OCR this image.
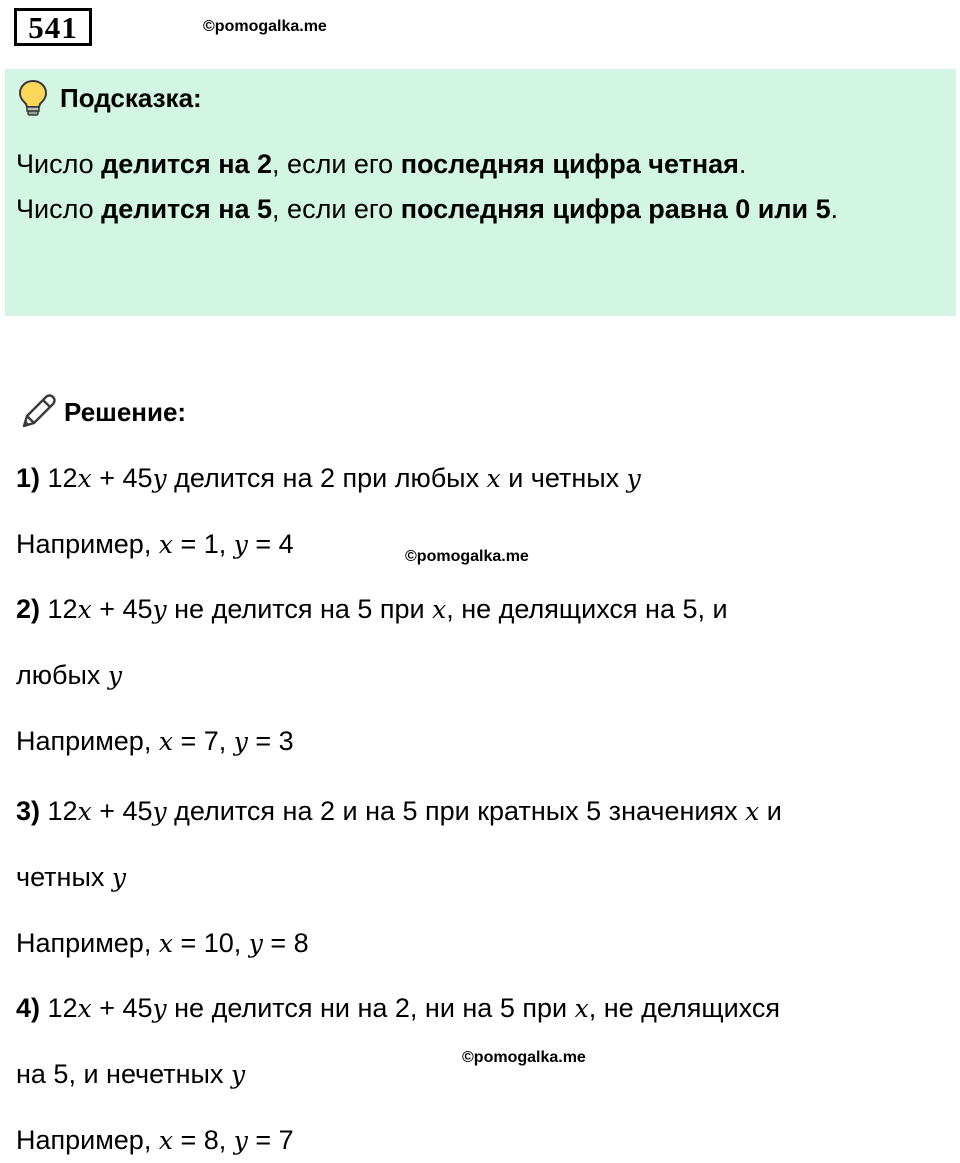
541	©pomogalka.me
Подсказка:

Число делится на 2, если его последняя цифра четная.

Число делится на 5, если его последняя цифра равна 0 или 5.

Решение:
1) 12x + 45y делится на 2 при любых x и четных y
Например, x = 1, y = 4	©pomogalka.me
2) 12x + 45y не делится на 5 при x, не делящихся на 5, и
любых y
Например, x = 7, y = 3
3) 12x + 45y делится на 2 и на 5 при кратных 5 значениях x и
четных y
Например, x = 10, y = 8
4) 12x + 45y не делится ни на 2, ни на 5 при x, не делящихся
©pomogalka.me
на 5, и нечетных y
Например, x = 8, y = 7
